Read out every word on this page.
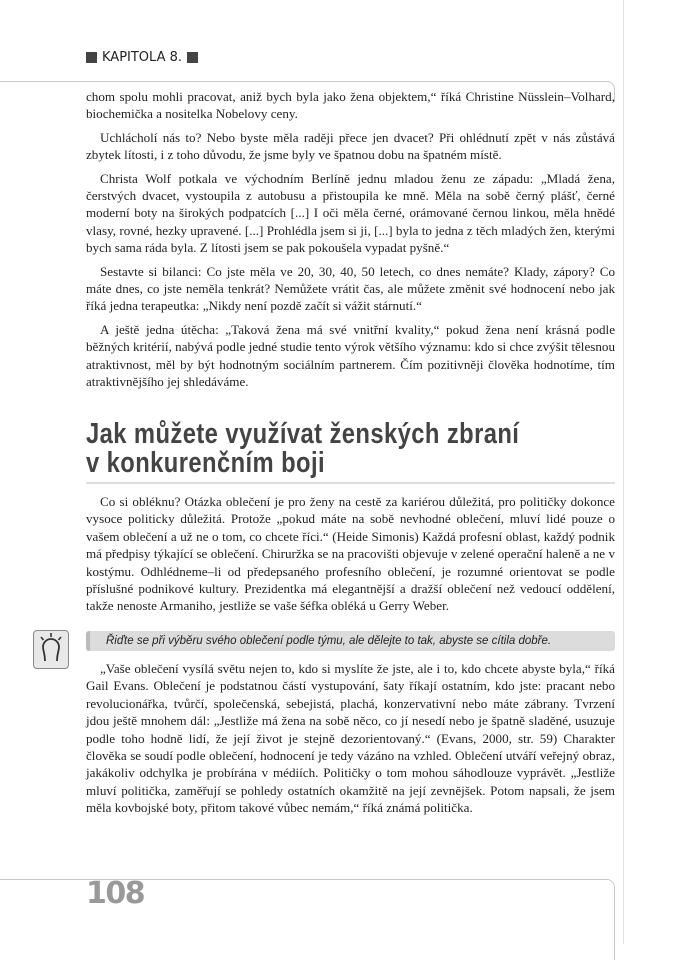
KAPITOLA 8.

chom spolu mohli pracovat, aniž bych byla jako žena objektem,“ říká Christine Nüsslein–Volhard, biochemička a nositelka Nobelovy ceny.

Uchlácholí nás to? Nebo byste měla raději přece jen dvacet? Při ohlédnutí zpět v nás zůstává zbytek lítosti, i z toho důvodu, že jsme byly ve špatnou dobu na špatném místě.

Christa Wolf potkala ve východním Berlíně jednu mladou ženu ze západu: „Mladá žena, čerstvých dvacet, vystoupila z autobusu a přistoupila ke mně. Měla na sobě černý plášť, černé moderní boty na širokých podpatcích [...] I oči měla černé, orámované černou linkou, měla hnědé vlasy, rovné, hezky upravené. [...] Prohlédla jsem si ji, [...] byla to jedna z těch mladých žen, kterými bych sama ráda byla. Z lítosti jsem se pak pokoušela vypadat pyšně.“

Sestavte si bilanci: Co jste měla ve 20, 30, 40, 50 letech, co dnes nemáte? Klady, zápory? Co máte dnes, co jste neměla tenkrát? Nemůžete vrátit čas, ale můžete změnit své hodnocení nebo jak říká jedna terapeutka: „Nikdy není pozdě začít si vážit stárnutí.“

A ještě jedna útěcha: „Taková žena má své vnitřní kvality,“ pokud žena není krásná podle běžných kritérií, nabývá podle jedné studie tento výrok většího významu: kdo si chce zvýšit tělesnou atraktivnost, měl by být hodnotným sociálním partnerem. Čím pozitivněji člověka hodnotíme, tím atraktivnějšího jej shledáváme.

Jak můžete využívat ženských zbraní
v konkurenčním boji

Co si obléknu? Otázka oblečení je pro ženy na cestě za kariérou důležitá, pro političky dokonce vysoce politicky důležitá. Protože „pokud máte na sobě nevhodné oblečení, mluví lidé pouze o vašem oblečení a už ne o tom, co chcete říci.“ (Heide Simonis) Každá profesní oblast, každý podnik má předpisy týkající se oblečení. Chiruržka se na pracovišti objevuje v zelené operační haleně a ne v kostýmu. Odhlédneme–li od předepsaného profesního oblečení, je rozumné orientovat se podle příslušné podnikové kultury. Prezidentka má elegantnější a dražší oblečení než vedoucí oddělení, takže nenoste Armaniho, jestliže se vaše šéfka obléká u Gerry Weber.

Řiďte se při výběru svého oblečení podle týmu, ale dělejte to tak, abyste se cítila dobře.

„Vaše oblečení vysílá světu nejen to, kdo si myslíte že jste, ale i to, kdo chcete abyste byla,“ říká Gail Evans. Oblečení je podstatnou částí vystupování, šaty říkají ostatním, kdo jste: pracant nebo revolucionářka, tvůrčí, společenská, sebejistá, plachá, konzervativní nebo máte zábrany. Tvrzení jdou ještě mnohem dál: „Jestliže má žena na sobě něco, co jí nesedí nebo je špatně sladěné, usuzuje podle toho hodně lidí, že její život je stejně dezorientovaný.“ (Evans, 2000, str. 59) Charakter člověka se soudí podle oblečení, hodnocení je tedy vázáno na vzhled. Oblečení utváří veřejný obraz, jakákoliv odchylka je probírána v médiích. Političky o tom mohou sáhodlouze vyprávět. „Jestliže mluví politička, zaměřují se pohledy ostatních okamžitě na její zevnějšek. Potom napsali, že jsem měla kovbojské boty, přitom takové vůbec nemám,“ říká známá politička.

108
